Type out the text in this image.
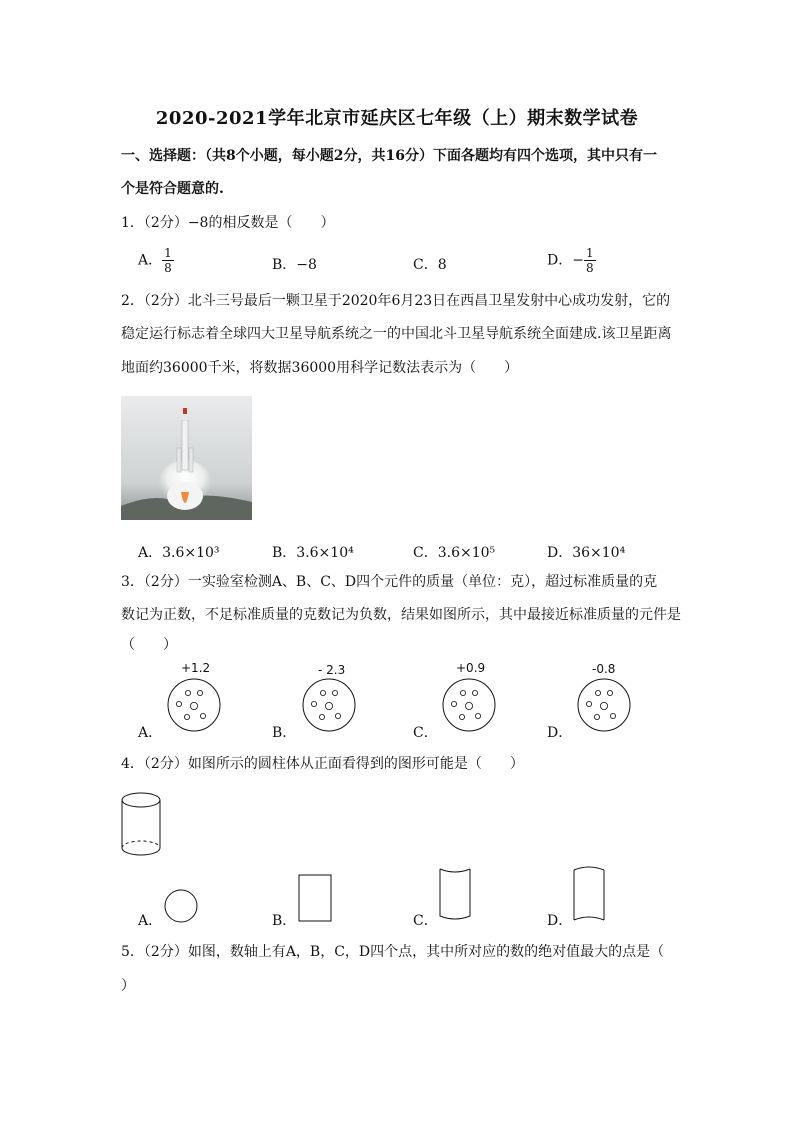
2020-2021学年北京市延庆区七年级（上）期末数学试卷
一、选择题：（共8个小题，每小题2分，共16分）下面各题均有四个选项，其中只有一
个是符合题意的.
1．（2分）−8的相反数是（　　）
A． $\frac{1}{8}$	B．−8	C．8	D．− $\frac{1}{8}$
2．（2分）北斗三号最后一颗卫星于2020年6月23日在西昌卫星发射中心成功发射，它的
稳定运行标志着全球四大卫星导航系统之一的中国北斗卫星导航系统全面建成.该卫星距离
地面约36000千米，将数据36000用科学记数法表示为（　　）
A．3.6×10³	B．3.6×10⁴	C．3.6×10⁵	D．36×10⁴
3．（2分）一实验室检测A、B、C、D四个元件的质量（单位：克），超过标准质量的克
数记为正数，不足标准质量的克数记为负数，结果如图所示，其中最接近标准质量的元件是
（　　）
A．
+1.2
B．
- 2.3
C．
+0.9
D．
-0.8
4．（2分）如图所示的圆柱体从正面看得到的图形可能是（　　）
A．	B．	C．	D．
5．（2分）如图，数轴上有A，B，C，D四个点，其中所对应的数的绝对值最大的点是（
）
